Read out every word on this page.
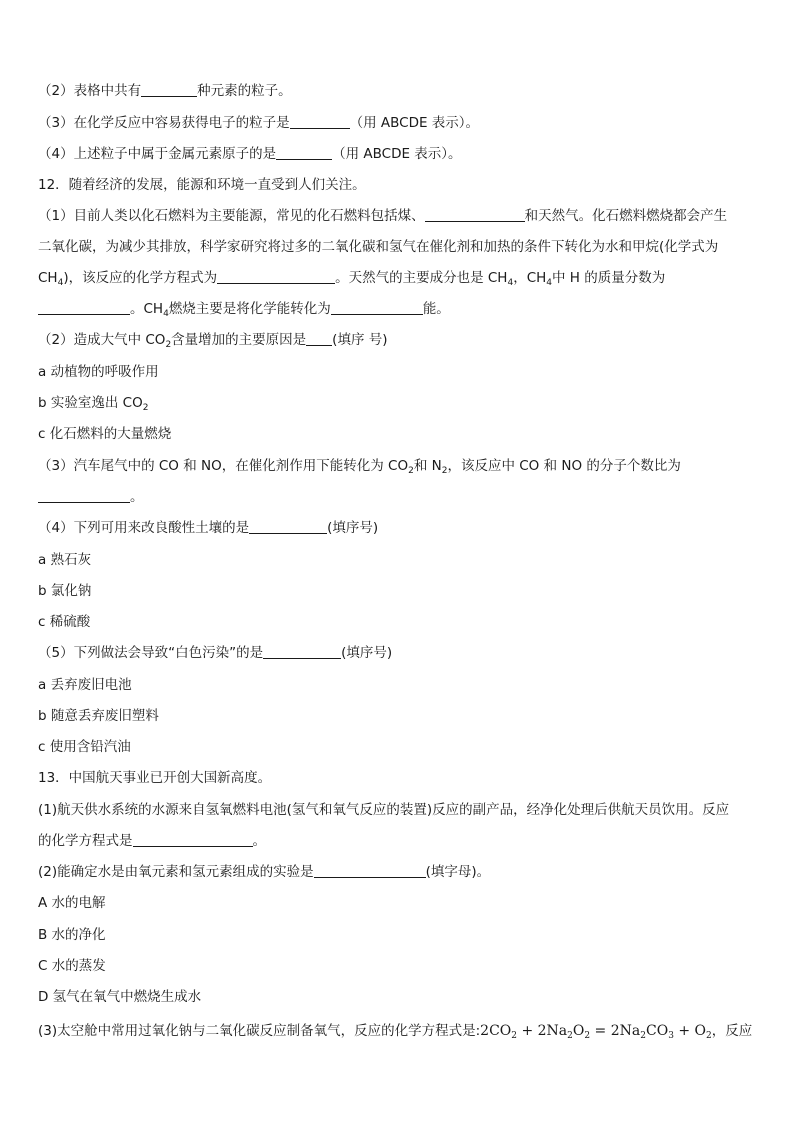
（2）表格中共有	种元素的粒子。
（3）在化学反应中容易获得电子的粒子是	（用 ABCDE 表示）。
（4）上述粒子中属于金属元素原子的是	（用 ABCDE 表示）。
12．随着经济的发展，能源和环境一直受到人们关注。
（1）目前人类以化石燃料为主要能源，常见的化石燃料包括煤、	和天然气。化石燃料燃烧都会产生
二氧化碳，为减少其排放，科学家研究将过多的二氧化碳和氢气在催化剂和加热的条件下转化为水和甲烷(化学式为
$CH_4$)，该反应的化学方程式为	。天然气的主要成分也是 $CH_4$，$CH_4$中 H 的质量分数为
。$CH_4$燃烧主要是将化学能转化为	能。
（2）造成大气中 $CO_2$含量增加的主要原因是 (填序 号)
a 动植物的呼吸作用
b 实验室逸出 $CO_2$
c 化石燃料的大量燃烧
（3）汽车尾气中的 CO 和 NO，在催化剂作用下能转化为 $CO_2$和 $N_2$，该反应中 CO 和 NO 的分子个数比为
。
（4）下列可用来改良酸性土壤的是	(填序号)
a 熟石灰
b 氯化钠
c 稀硫酸
（5）下列做法会导致“白色污染”的是	(填序号)
a 丢弃废旧电池
b 随意丢弃废旧塑料
c 使用含铅汽油
13．中国航天事业已开创大国新高度。
(1)航天供水系统的水源来自氢氧燃料电池(氢气和氧气反应的装置)反应的副产品，经净化处理后供航天员饮用。反应
的化学方程式是	。
(2)能确定水是由氧元素和氢元素组成的实验是	(填字母)。
A 水的电解
B 水的净化
C 水的蒸发
D 氢气在氧气中燃烧生成水
(3)太空舱中常用过氧化钠与二氧化碳反应制备氧气，反应的化学方程式是$:2CO_2 + 2Na_2O_2 = 2Na_2CO_3 + O_2$，反应
